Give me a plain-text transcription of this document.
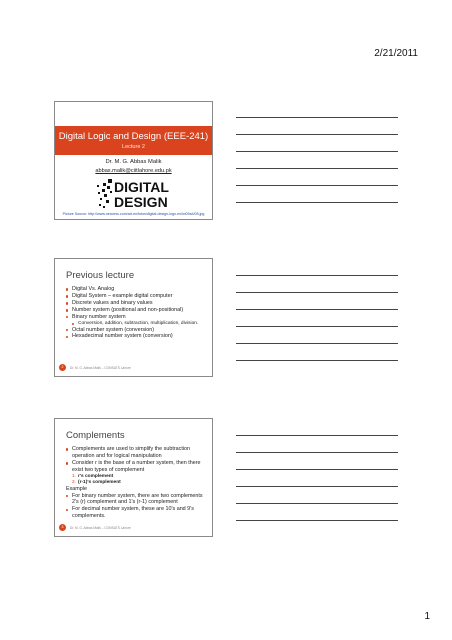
2/21/2011
Digital Logic and Design (EEE-241)
Lecture 2
Dr. M. G. Abbas Malik
abbas.malik@ciitlahore.edu.pk
DIGITAL
DESIGN
Picture Source: http://www.nexcess.com/art-en/fotos/digital-design-logo.en/ict09a4/05.jpg
Previous lecture
Digital Vs. Analog
Digital System – example digital computer
Discrete values and binary values
Number system (positional and non-positional)
Binary number system
Conversion, addition, subtraction, multiplication, division.
Octal number system (conversion)
Hexadecimal number system (conversion)
2	Dr. M. G. Abbas Malik – COMSATS Lahore
Complements
Complements are used to simplify the subtraction operation and for logical manipulation
Consider r is the base of a number system, then there exist two types of complement
1. r's complement
2. (r-1)'s complement
Example
For binary number system, there are two complements 2's (r) complement and 1's (r-1) complement
For decimal number system, these are 10's and 9's complements.
3	Dr. M. G. Abbas Malik – COMSATS Lahore
1
